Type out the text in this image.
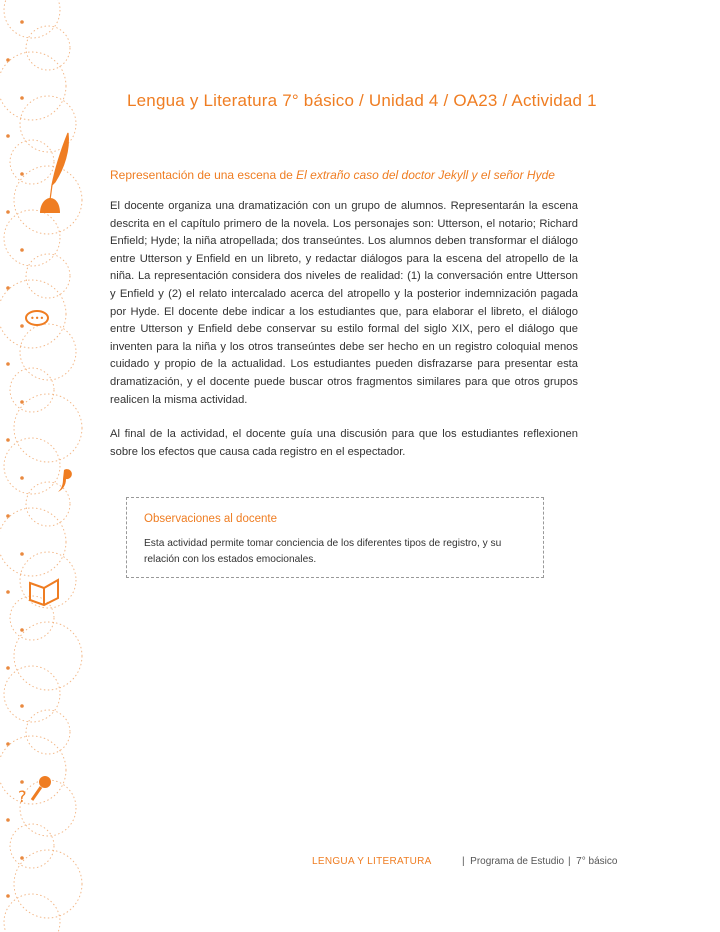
•••
?
Lengua y Literatura 7° básico / Unidad 4 / OA23 / Actividad 1
Representación de una escena de El extraño caso del doctor Jekyll y el señor Hyde

El docente organiza una dramatización con un grupo de alumnos. Representarán la escena descrita en el capítulo primero de la novela. Los personajes son: Utterson, el notario; Richard Enfield; Hyde; la niña atropellada; dos transeúntes. Los alumnos deben transformar el diálogo entre Utterson y Enfield en un libreto, y redactar diálogos para la escena del atropello de la niña. La representación considera dos niveles de realidad: (1) la conversación entre Utterson y Enfield y (2) el relato intercalado acerca del atropello y la posterior indemnización pagada por Hyde. El docente debe indicar a los estudiantes que, para elaborar el libreto, el diálogo entre Utterson y Enfield debe conservar su estilo formal del siglo XIX, pero el diálogo que inventen para la niña y los otros transeúntes debe ser hecho en un registro coloquial menos cuidado y propio de la actualidad. Los estudiantes pueden disfrazarse para presentar esta dramatización, y el docente puede buscar otros fragmentos similares para que otros grupos realicen la misma actividad.

Al final de la actividad, el docente guía una discusión para que los estudiantes reflexionen sobre los efectos que causa cada registro en el espectador.

Observaciones al docente
Esta actividad permite tomar conciencia de los diferentes tipos de registro, y su relación con los estados emocionales.
LENGUA Y LITERATURA	| Programa de Estudio | 7° básico
